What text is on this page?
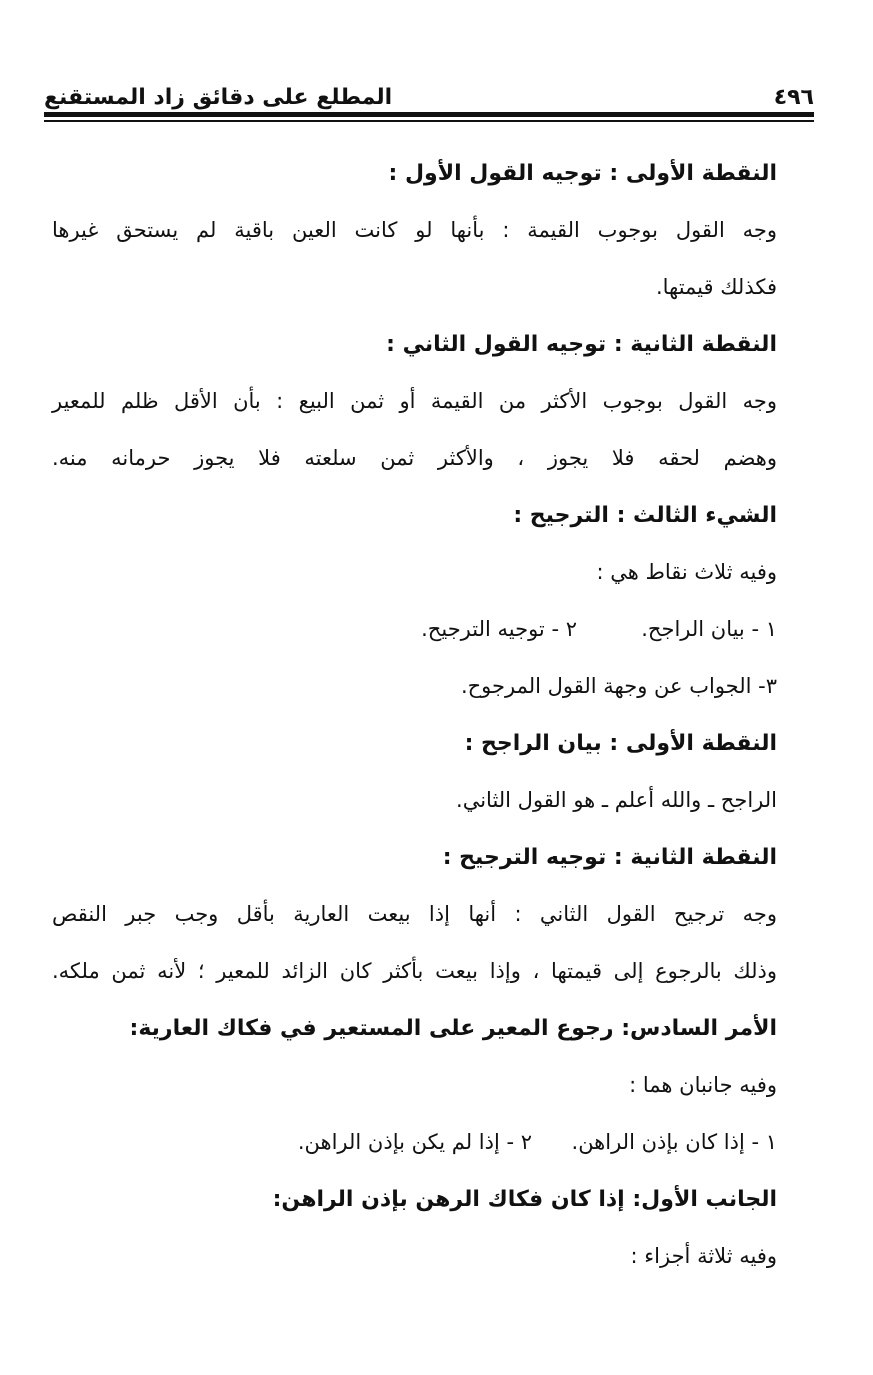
٤٩٦
المطلع على دقائق زاد المستقنع
النقطة الأولى : توجيه القول الأول :
وجه القول بوجوب القيمة : بأنها لو كانت العين باقية لم يستحق غيرها
فكذلك قيمتها.
النقطة الثانية : توجيه القول الثاني :
وجه القول بوجوب الأكثر من القيمة أو ثمن البيع : بأن الأقل ظلم للمعير
وهضم لحقه فلا يجوز ، والأكثر ثمن سلعته فلا يجوز حرمانه منه.
الشيء الثالث : الترجيح :
وفيه ثلاث نقاط هي :
١ - بيان الراجح.
٢ - توجيه الترجيح.
٣- الجواب عن وجهة القول المرجوح.
النقطة الأولى : بيان الراجح :
الراجح ـ والله أعلم ـ هو القول الثاني.
النقطة الثانية : توجيه الترجيح :
وجه ترجيح القول الثاني : أنها إذا بيعت العارية بأقل وجب جبر النقص
وذلك بالرجوع إلى قيمتها ، وإذا بيعت بأكثر كان الزائد للمعير ؛ لأنه ثمن ملكه.
الأمر السادس: رجوع المعير على المستعير في فكاك العارية:
وفيه جانبان هما :
١ - إذا كان بإذن الراهن.
٢ - إذا لم يكن بإذن الراهن.
الجانب الأول: إذا كان فكاك الرهن بإذن الراهن:
وفيه ثلاثة أجزاء :
